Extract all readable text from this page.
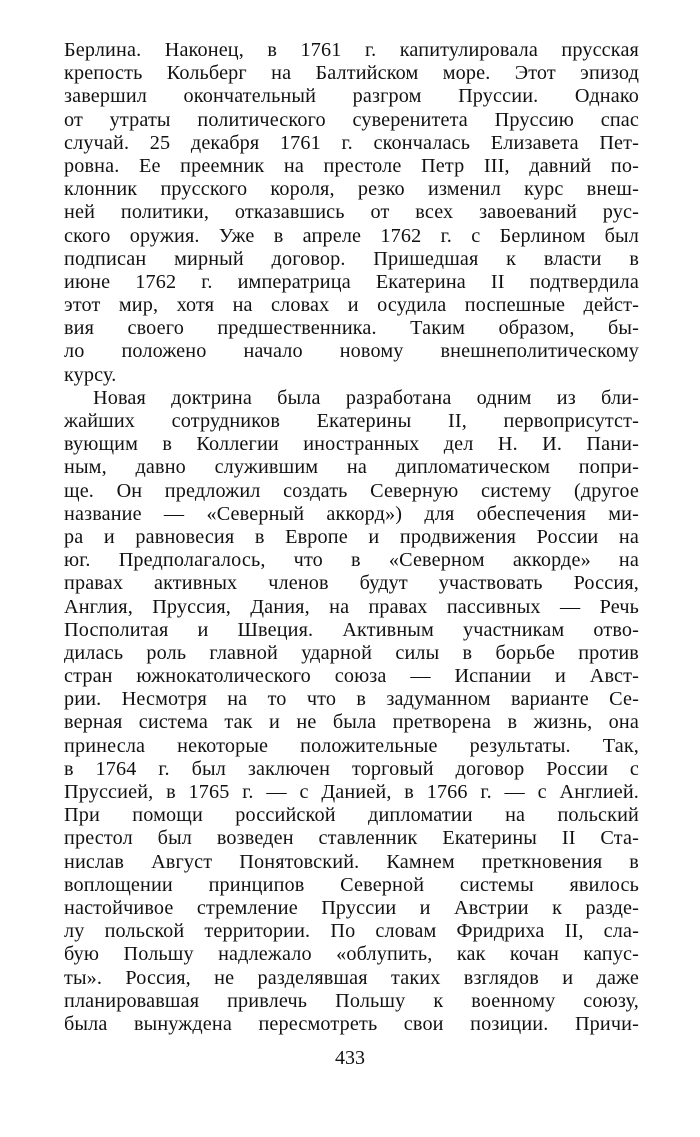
Берлина. Наконец, в 1761 г. капитулировала прусская
крепость Кольберг на Балтийском море. Этот эпизод
завершил окончательный разгром Пруссии. Однако
от утраты политического суверенитета Пруссию спас
случай. 25 декабря 1761 г. скончалась Елизавета Пет-
ровна. Ее преемник на престоле Петр III, давний по-
клонник прусского короля, резко изменил курс внеш-
ней политики, отказавшись от всех завоеваний рус-
ского оружия. Уже в апреле 1762 г. с Берлином был
подписан мирный договор. Пришедшая к власти в
июне 1762 г. императрица Екатерина II подтвердила
этот мир, хотя на словах и осудила поспешные дейст-
вия своего предшественника. Таким образом, бы-
ло положено начало новому внешнеполитическому
курсу.
Новая доктрина была разработана одним из бли-
жайших сотрудников Екатерины II, первоприсутст-
вующим в Коллегии иностранных дел Н. И. Пани-
ным, давно служившим на дипломатическом попри-
ще. Он предложил создать Северную систему (другое
название — «Северный аккорд») для обеспечения ми-
ра и равновесия в Европе и продвижения России на
юг. Предполагалось, что в «Северном аккорде» на
правах активных членов будут участвовать Россия,
Англия, Пруссия, Дания, на правах пассивных — Речь
Посполитая и Швеция. Активным участникам отво-
дилась роль главной ударной силы в борьбе против
стран южнокатолического союза — Испании и Авст-
рии. Несмотря на то что в задуманном варианте Се-
верная система так и не была претворена в жизнь, она
принесла некоторые положительные результаты. Так,
в 1764 г. был заключен торговый договор России с
Пруссией, в 1765 г. — с Данией, в 1766 г. — с Англией.
При помощи российской дипломатии на польский
престол был возведен ставленник Екатерины II Ста-
нислав Август Понятовский. Камнем преткновения в
воплощении принципов Северной системы явилось
настойчивое стремление Пруссии и Австрии к разде-
лу польской территории. По словам Фридриха II, сла-
бую Польшу надлежало «облупить, как кочан капус-
ты». Россия, не разделявшая таких взглядов и даже
планировавшая привлечь Польшу к военному союзу,
была вынуждена пересмотреть свои позиции. Причи-
433
